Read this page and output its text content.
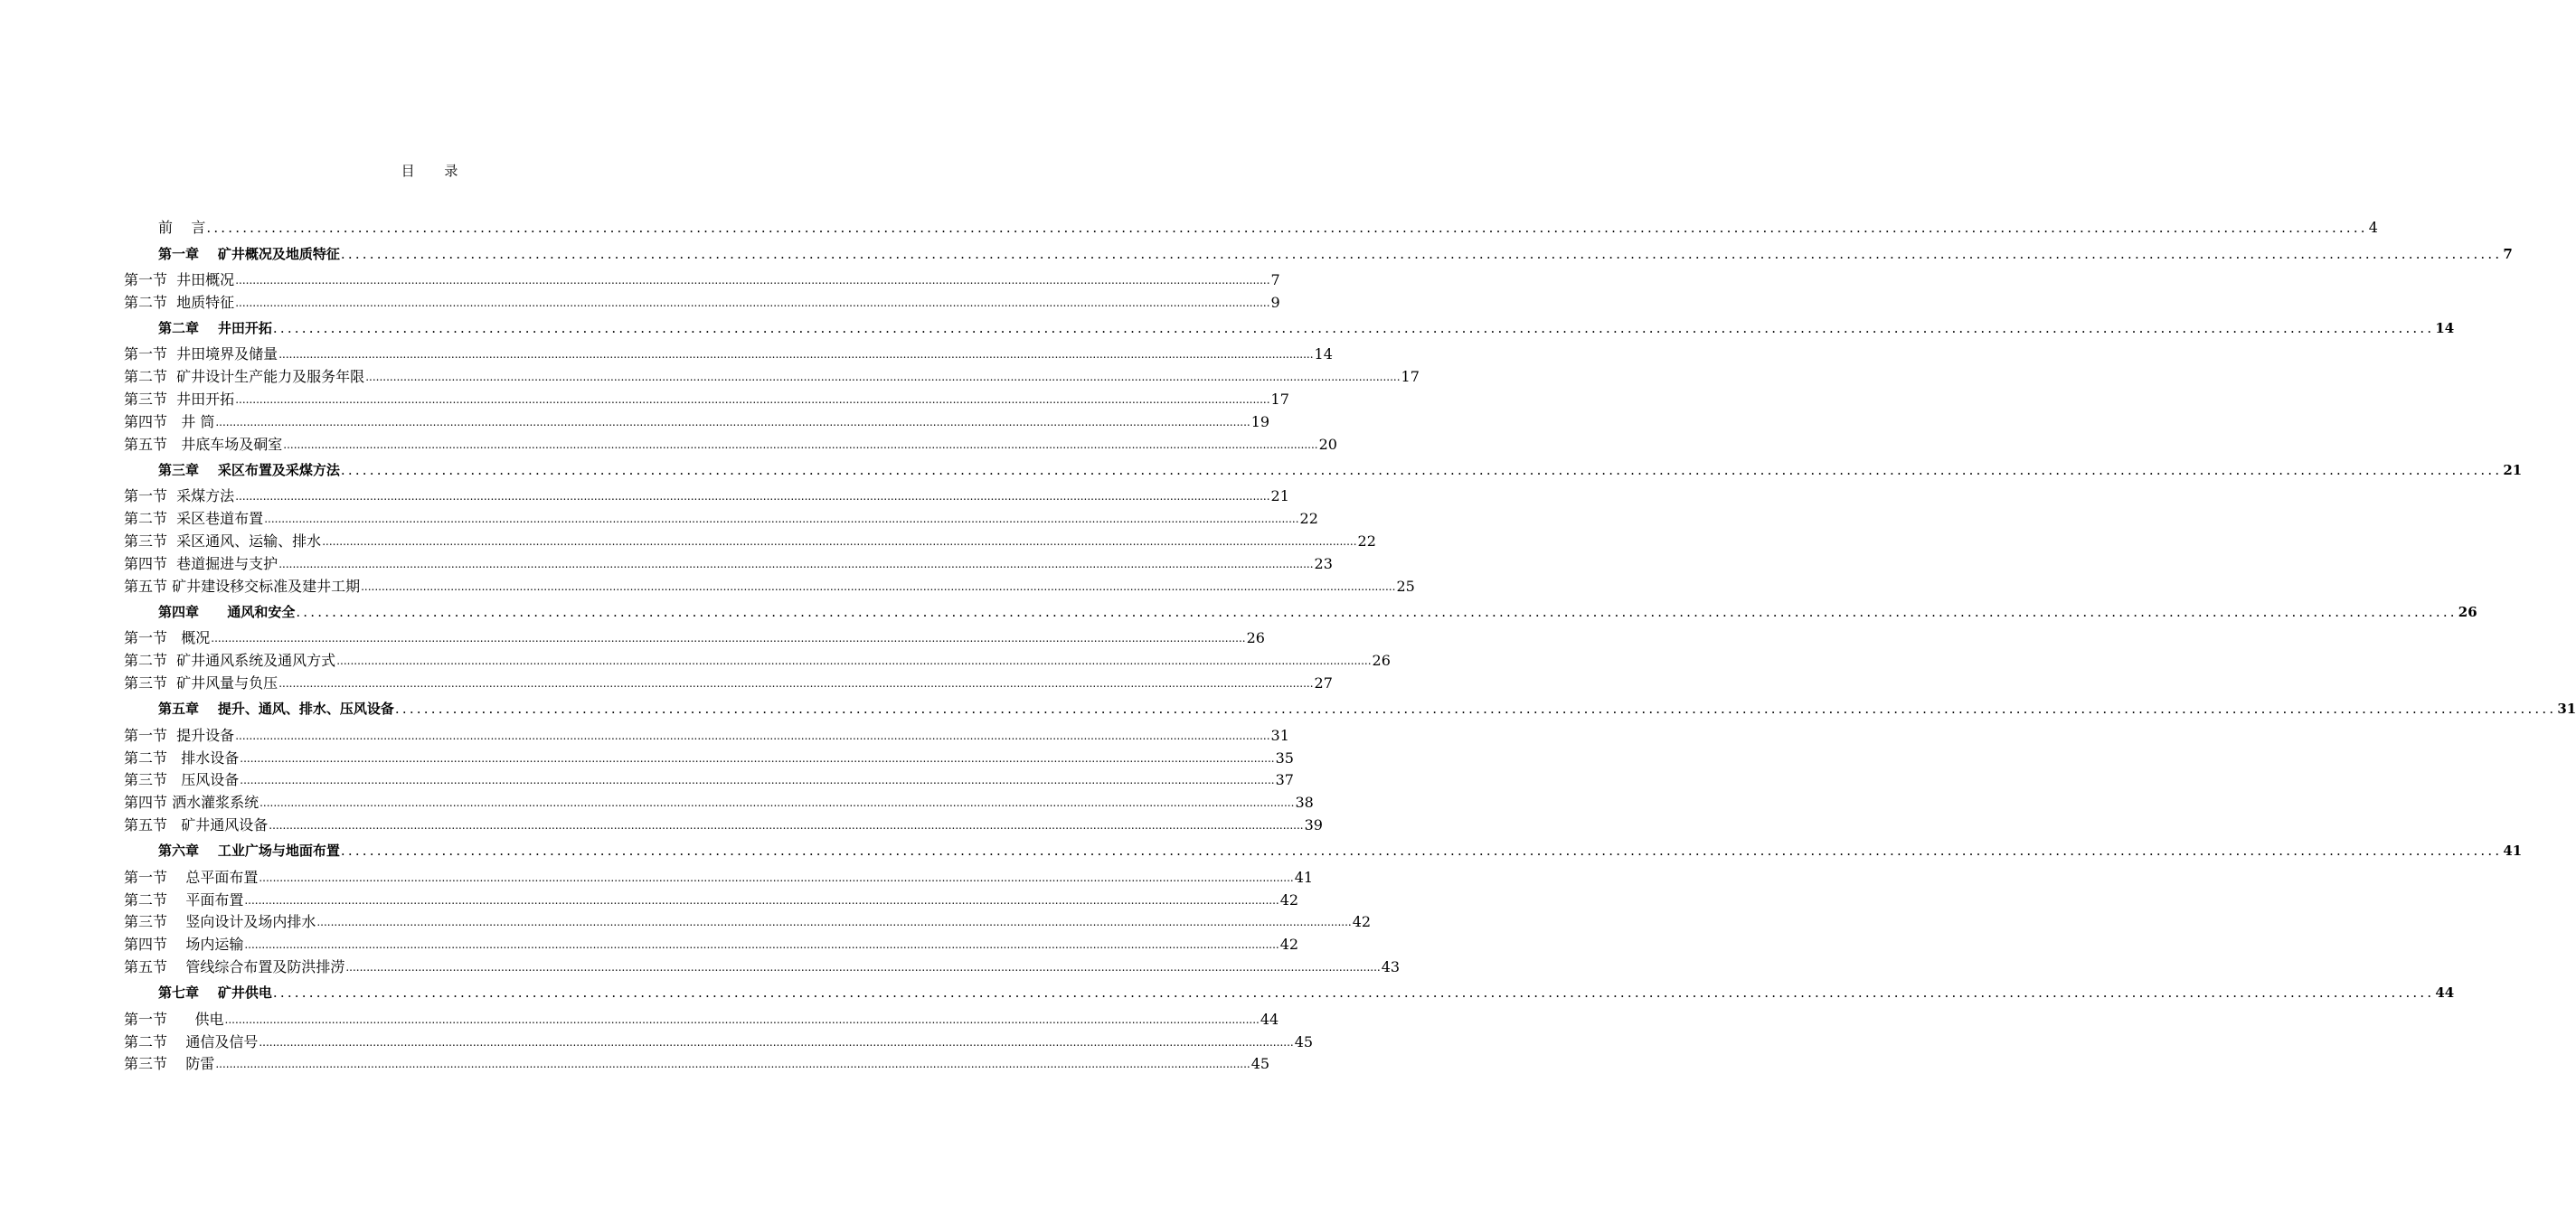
目 录
前    言 ............................................................................................................................................................................................................................................................................................................ 4
第一章    矿井概况及地质特征 ............................................................................................................................................................................................................................................................................................................ 7
第一节  井田概况 ............................................................................................................................................................................................................................................................................................................ 7
第二节  地质特征 ............................................................................................................................................................................................................................................................................................................ 9
第二章    井田开拓 ............................................................................................................................................................................................................................................................................................................ 14
第一节  井田境界及储量 ............................................................................................................................................................................................................................................................................................................ 14
第二节  矿井设计生产能力及服务年限 ............................................................................................................................................................................................................................................................................................................ 17
第三节  井田开拓 ............................................................................................................................................................................................................................................................................................................ 17
第四节   井 筒 ............................................................................................................................................................................................................................................................................................................ 19
第五节   井底车场及硐室 ............................................................................................................................................................................................................................................................................................................ 20
第三章    采区布置及采煤方法 ............................................................................................................................................................................................................................................................................................................ 21
第一节  采煤方法 ............................................................................................................................................................................................................................................................................................................ 21
第二节  采区巷道布置 ............................................................................................................................................................................................................................................................................................................ 22
第三节  采区通风、运输、排水 ............................................................................................................................................................................................................................................................................................................ 22
第四节  巷道掘进与支护 ............................................................................................................................................................................................................................................................................................................ 23
第五节 矿井建设移交标准及建井工期 ............................................................................................................................................................................................................................................................................................................ 25
第四章      通风和安全 ............................................................................................................................................................................................................................................................................................................ 26
第一节   概况 ............................................................................................................................................................................................................................................................................................................ 26
第二节  矿井通风系统及通风方式 ............................................................................................................................................................................................................................................................................................................ 26
第三节  矿井风量与负压 ............................................................................................................................................................................................................................................................................................................ 27
第五章    提升、通风、排水、压风设备 ............................................................................................................................................................................................................................................................................................................ 31
第一节  提升设备 ............................................................................................................................................................................................................................................................................................................ 31
第二节   排水设备 ............................................................................................................................................................................................................................................................................................................ 35
第三节   压风设备 ............................................................................................................................................................................................................................................................................................................ 37
第四节 洒水灌浆系统 ............................................................................................................................................................................................................................................................................................................ 38
第五节   矿井通风设备 ............................................................................................................................................................................................................................................................................................................ 39
第六章    工业广场与地面布置 ............................................................................................................................................................................................................................................................................................................ 41
第一节    总平面布置 ............................................................................................................................................................................................................................................................................................................ 41
第二节    平面布置 ............................................................................................................................................................................................................................................................................................................ 42
第三节    竖向设计及场内排水 ............................................................................................................................................................................................................................................................................................................ 42
第四节    场内运输 ............................................................................................................................................................................................................................................................................................................ 42
第五节    管线综合布置及防洪排涝 ............................................................................................................................................................................................................................................................................................................ 43
第七章    矿井供电 ............................................................................................................................................................................................................................................................................................................ 44
第一节      供电 ............................................................................................................................................................................................................................................................................................................ 44
第二节    通信及信号 ............................................................................................................................................................................................................................................................................................................ 45
第三节    防雷 ............................................................................................................................................................................................................................................................................................................ 45
